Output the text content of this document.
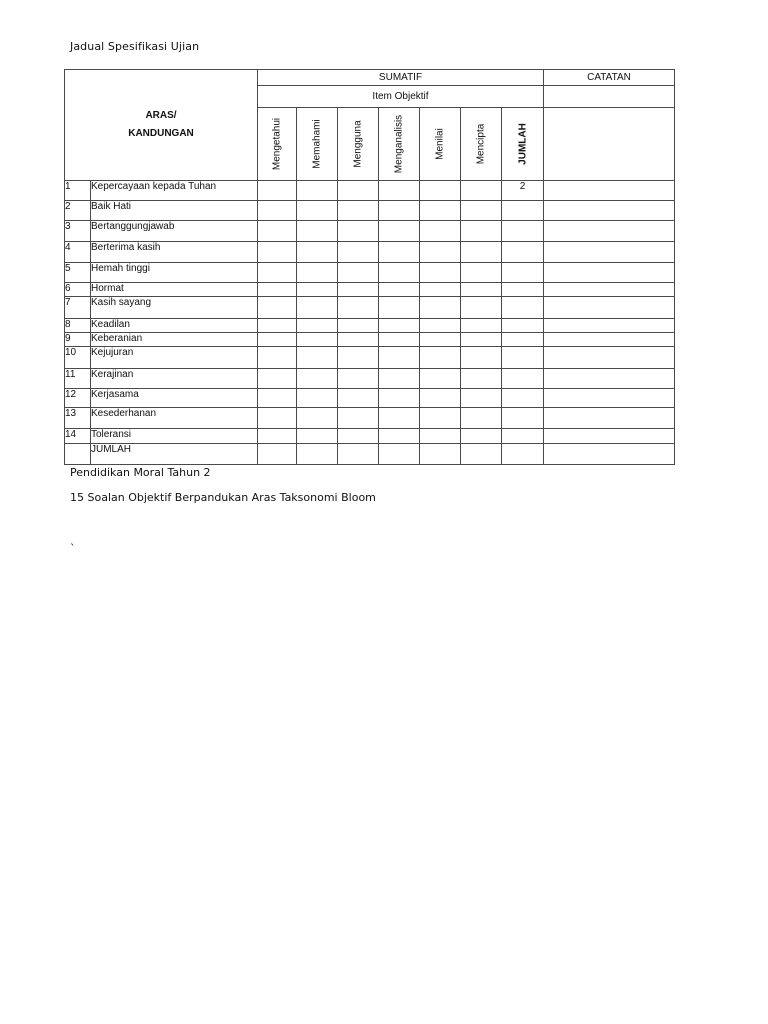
Jadual Spesifikasi Ujian
ARAS/
KANDUNGAN		SUMATIF							CATATAN
		Item Objektif							

		Mengetahui	Memahami	Mengguna	Menganalisis	Menilai	Mencipta	JUMLAH	

1	Kepercayaan kepada Tuhan							2	
2	Baik Hati								
3	Bertanggungjawab								
4	Berterima kasih								
5	Hemah tinggi								
6	Hormat								
7	Kasih sayang								
8	Keadilan								
9	Keberanian								
10	Kejujuran								
11	Kerajinan								
12	Kerjasama								
13	Kesederhanan								
14	Toleransi								
	JUMLAH								
Pendidikan Moral Tahun 2
15 Soalan Objektif Berpandukan Aras Taksonomi Bloom
`
